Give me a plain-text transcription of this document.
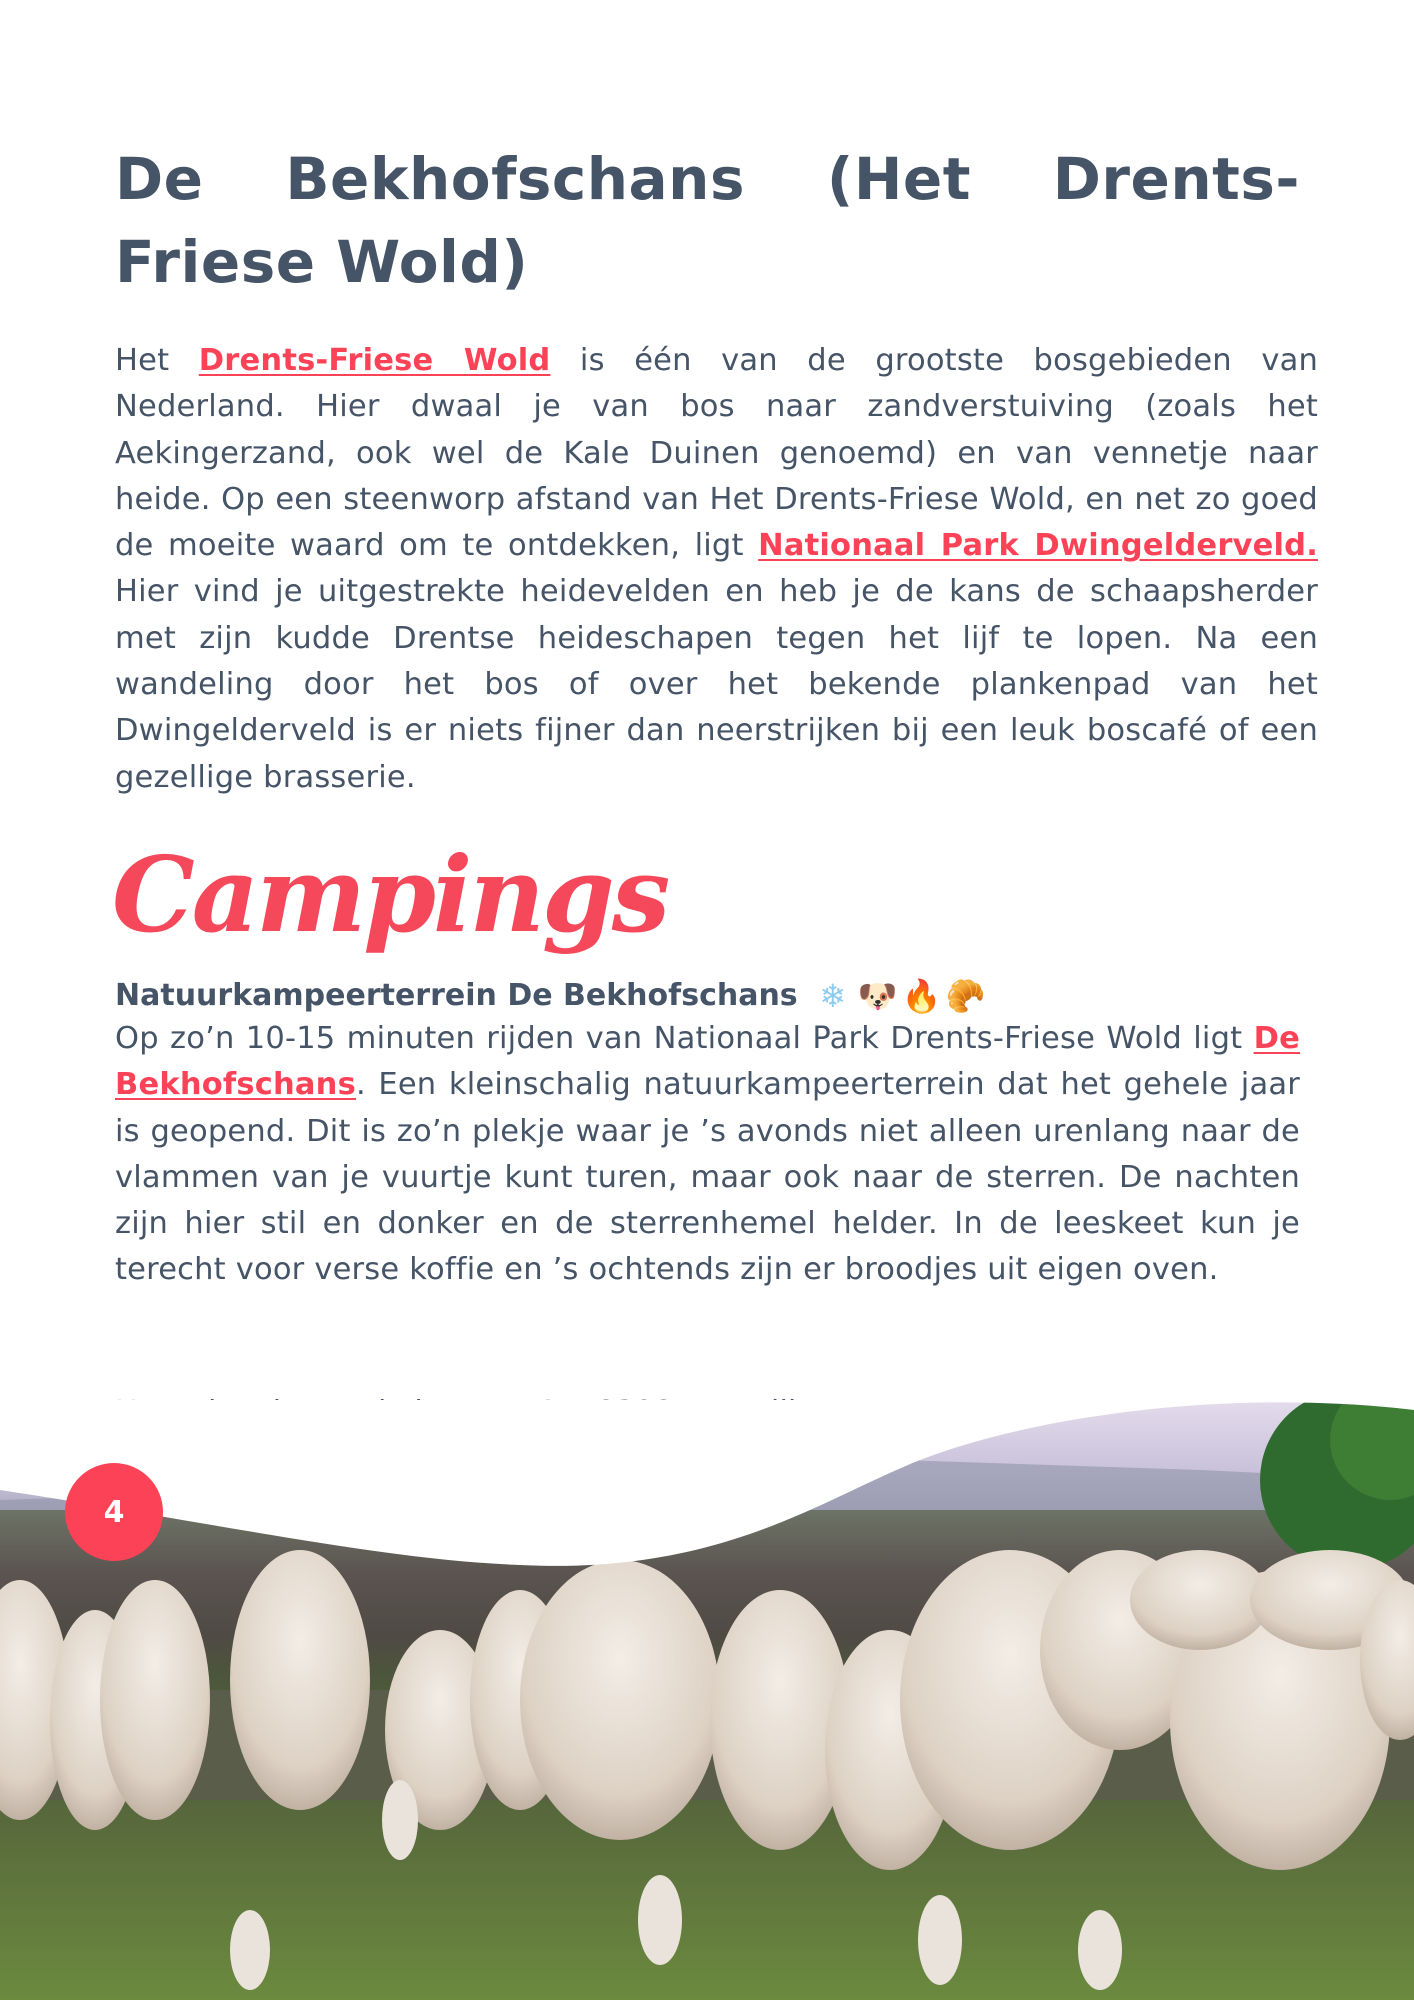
De Bekhofschans (Het Drents-Friese Wold)

Het Drents-Friese Wold is één van de grootste bosgebieden van Nederland. Hier dwaal je van bos naar zandverstuiving (zoals het Aekingerzand, ook wel de Kale Duinen genoemd) en van vennetje naar heide. Op een steenworp afstand van Het Drents-Friese Wold, en net zo goed de moeite waard om te ontdekken, ligt Nationaal Park Dwingelderveld. Hier vind je uitgestrekte heidevelden en heb je de kans de schaapsherder met zijn kudde Drentse heideschapen tegen het lijf te lopen. Na een wandeling door het bos of over het bekende plankenpad van het Dwingelderveld is er niets fijner dan neerstrijken bij een leuk boscafé of een gezellige brasserie.

Campings
Natuurkampeerterrein De Bekhofschans ❄ 🐶 🔥 🥐

Op zo’n 10-15 minuten rijden van Nationaal Park Drents-Friese Wold ligt De Bekhofschans. Een kleinschalig natuurkampeerterrein dat het gehele jaar is geopend. Dit is zo’n plekje waar je ’s avonds niet alleen urenlang naar de vlammen van je vuurtje kunt turen, maar ook naar de sterren. De nachten zijn hier stil en donker en de sterrenhemel helder. In de leeskeet kun je terecht voor verse koffie en ’s ochtends zijn er broodjes uit eigen oven.

4
